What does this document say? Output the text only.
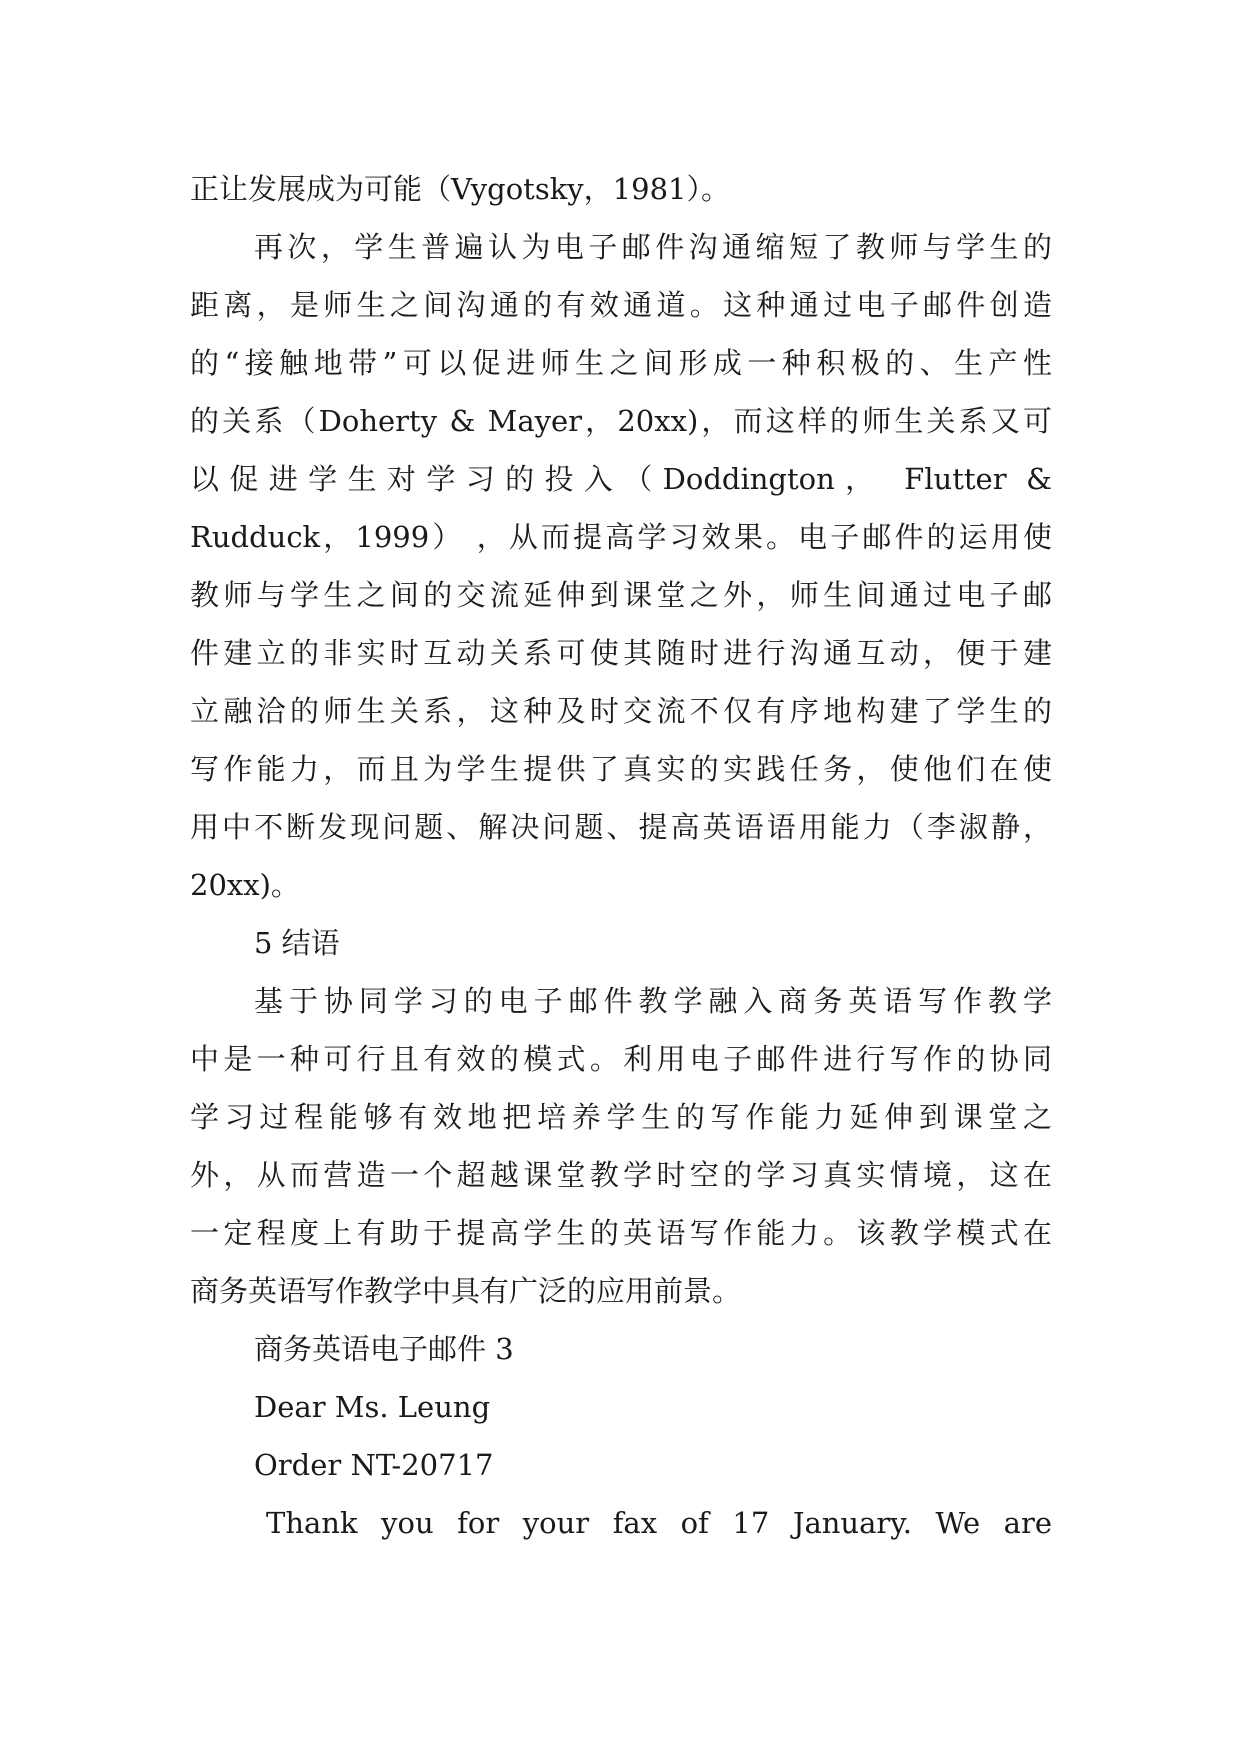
正让发展成为可能（Vygotsky，1981）。
再次，学生普遍认为电子邮件沟通缩短了教师与学生的
距离，是师生之间沟通的有效通道。这种通过电子邮件创造
的“接触地带”可以促进师生之间形成一种积极的、生产性
的关系（Doherty & Mayer，20xx)，而这样的师生关系又可
以促进学生对学习的投入（Doddington， Flutter &
Rudduck，1999） ，从而提高学习效果。电子邮件的运用使
教师与学生之间的交流延伸到课堂之外，师生间通过电子邮
件建立的非实时互动关系可使其随时进行沟通互动，便于建
立融洽的师生关系，这种及时交流不仅有序地构建了学生的
写作能力，而且为学生提供了真实的实践任务，使他们在使
用中不断发现问题、解决问题、提高英语语用能力（李淑静，
20xx)。
5 结语
基于协同学习的电子邮件教学融入商务英语写作教学
中是一种可行且有效的模式。利用电子邮件进行写作的协同
学习过程能够有效地把培养学生的写作能力延伸到课堂之
外，从而营造一个超越课堂教学时空的学习真实情境，这在
一定程度上有助于提高学生的英语写作能力。该教学模式在
商务英语写作教学中具有广泛的应用前景。
商务英语电子邮件 3
Dear Ms. Leung
Order NT-20717
Thank you for your fax of 17 January. We are
